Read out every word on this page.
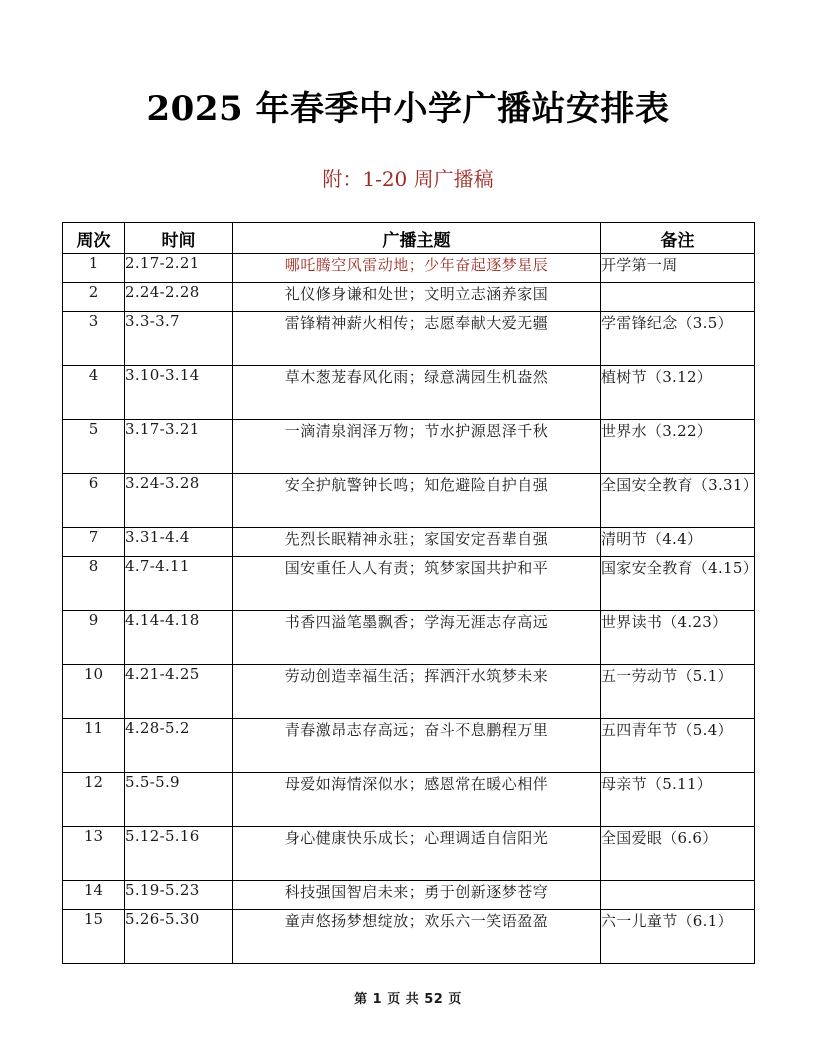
2025 年春季中小学广播站安排表
附：1-20 周广播稿
周次	时间	广播主题	备注
1	2.17-2.21	哪吒腾空风雷动地；少年奋起逐梦星辰	开学第一周
2	2.24-2.28	礼仪修身谦和处世；文明立志涵养家国	
3	3.3-3.7	雷锋精神薪火相传；志愿奉献大爱无疆	学雷锋纪念（3.5）
4	3.10-3.14	草木葱茏春风化雨；绿意满园生机盎然	植树节（3.12）
5	3.17-3.21	一滴清泉润泽万物；节水护源恩泽千秋	世界水（3.22）
6	3.24-3.28	安全护航警钟长鸣；知危避险自护自强	全国安全教育（3.31）
7	3.31-4.4	先烈长眠精神永驻；家国安定吾辈自强	清明节（4.4）
8	4.7-4.11	国安重任人人有责；筑梦家国共护和平	国家安全教育（4.15）
9	4.14-4.18	书香四溢笔墨飘香；学海无涯志存高远	世界读书（4.23）
10	4.21-4.25	劳动创造幸福生活；挥洒汗水筑梦未来	五一劳动节（5.1）
11	4.28-5.2	青春激昂志存高远；奋斗不息鹏程万里	五四青年节（5.4）
12	5.5-5.9	母爱如海情深似水；感恩常在暖心相伴	母亲节（5.11）
13	5.12-5.16	身心健康快乐成长；心理调适自信阳光	全国爱眼（6.6）
14	5.19-5.23	科技强国智启未来；勇于创新逐梦苍穹	
15	5.26-5.30	童声悠扬梦想绽放；欢乐六一笑语盈盈	六一儿童节（6.1）
第 1 页 共 52 页
